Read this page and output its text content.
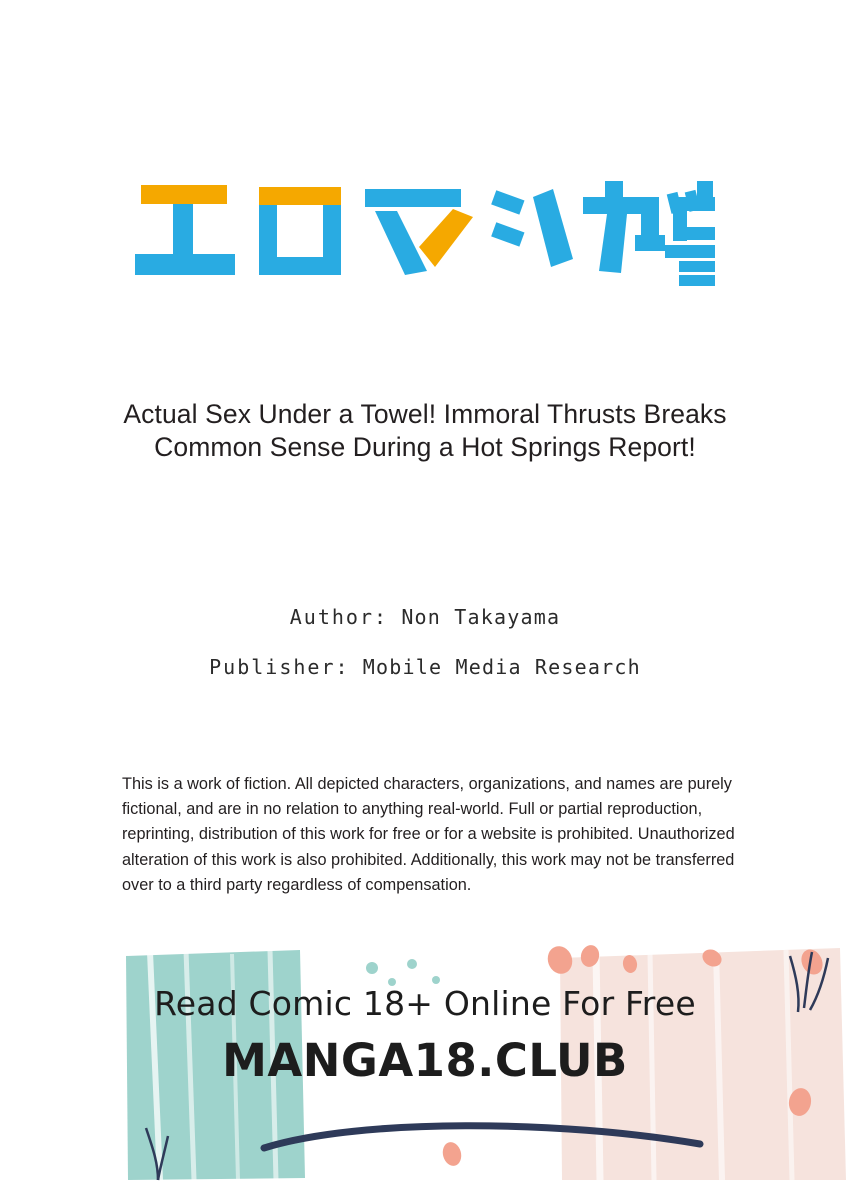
Actual Sex Under a Towel! Immoral Thrusts Breaks Common Sense During a Hot Springs Report!
Author: Non Takayama
Publisher: Mobile Media Research
This is a work of fiction. All depicted characters, organizations, and names are purely fictional, and are in no relation to anything real-world. Full or partial reproduction, reprinting, distribution of this work for free or for a website is prohibited. Unauthorized alteration of this work is also prohibited. Additionally, this work may not be transferred over to a third party regardless of compensation.
Read Comic 18+ Online For Free
MANGA18.CLUB
